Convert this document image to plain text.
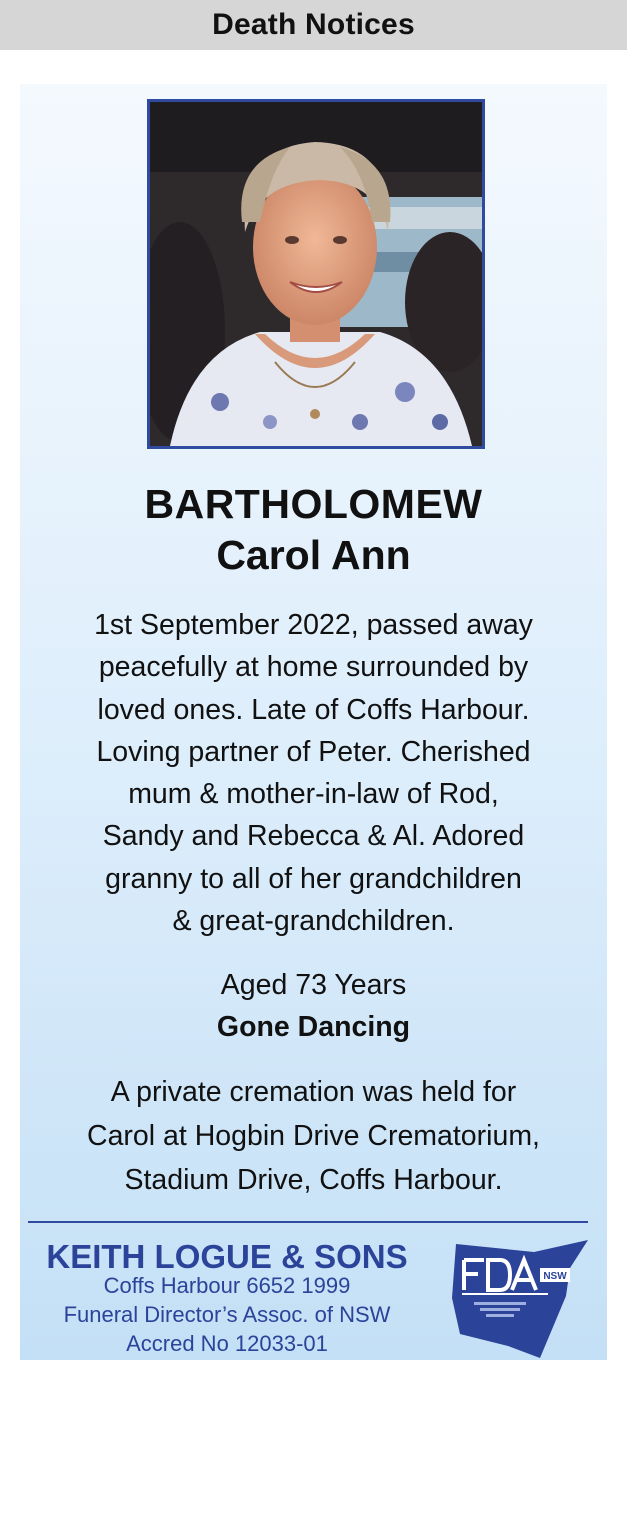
Death Notices
BARTHOLOMEW
Carol Ann
1st September 2022, passed away
peacefully at home surrounded by
loved ones. Late of Coffs Harbour.
Loving partner of Peter. Cherished
mum & mother-in-law of Rod,
Sandy and Rebecca & Al. Adored
granny to all of her grandchildren
& great-grandchildren.
Aged 73 Years
Gone Dancing
A private cremation was held for
Carol at Hogbin Drive Crematorium,
Stadium Drive, Coffs Harbour.
KEITH LOGUE & SONS
Coffs Harbour 6652 1999
Funeral Director’s Assoc. of NSW
Accred No 12033-01
NSW
